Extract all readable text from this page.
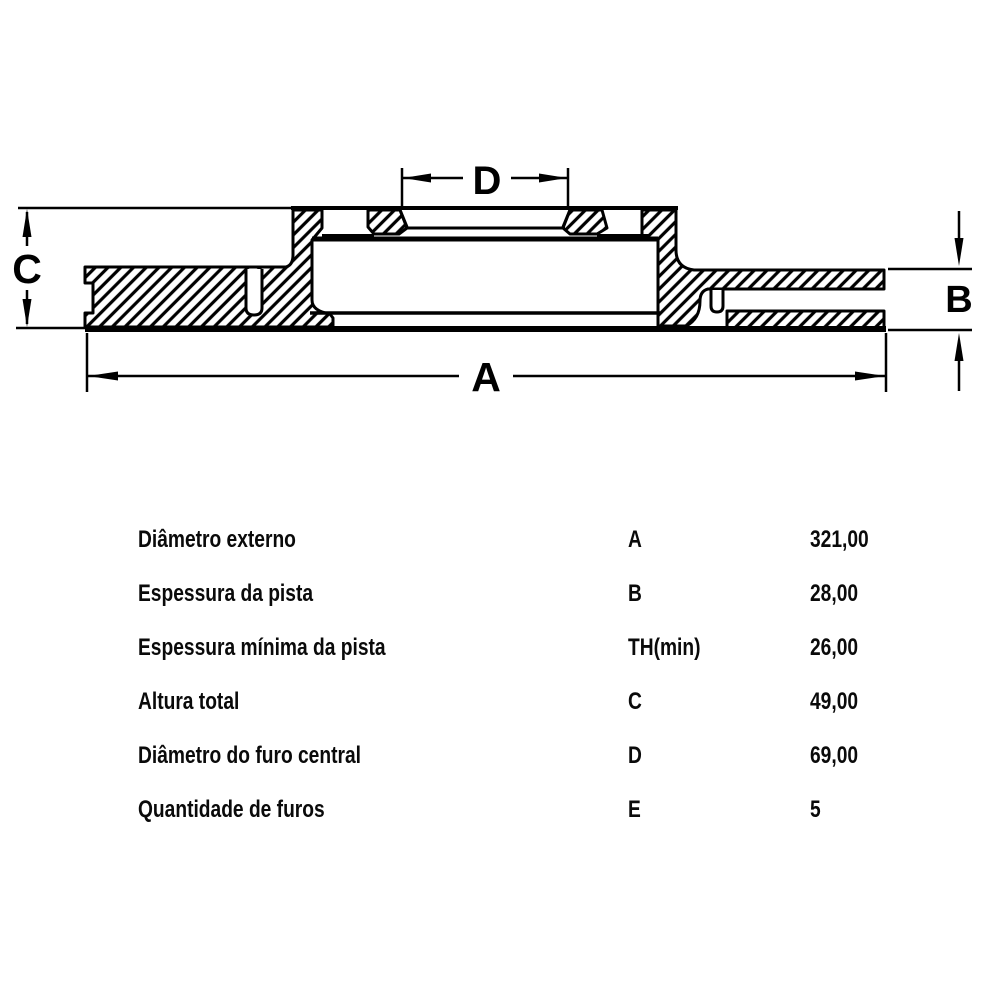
A
B
C
D
Diâmetro externo	A	321,00
Espessura da pista	B	28,00
Espessura mínima da pista	TH(min)	26,00
Altura total	C	49,00
Diâmetro do furo central	D	69,00
Quantidade de furos	E	5
